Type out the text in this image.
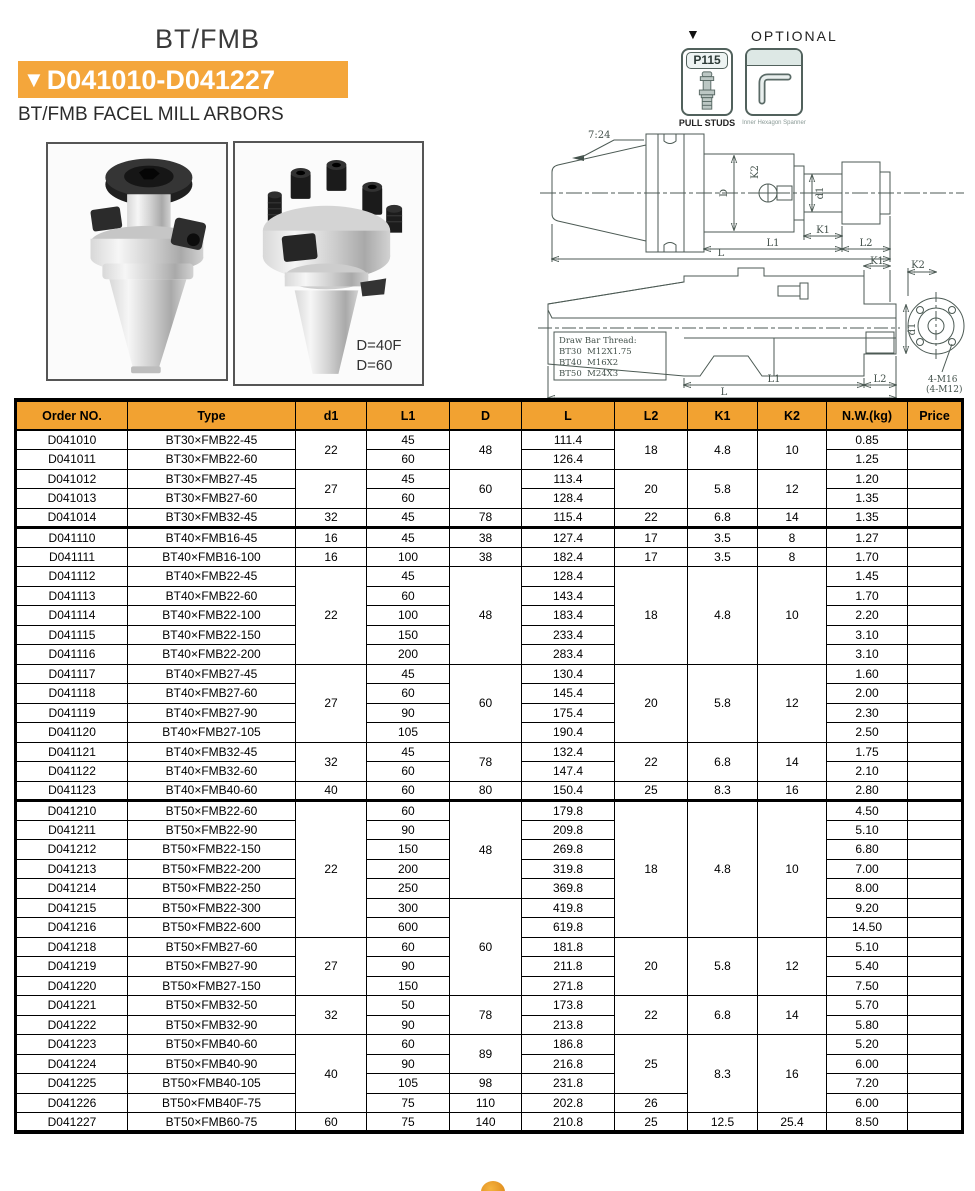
BT/FMB
▼D041010-D041227
BT/FMB FACEL MILL ARBORS
D=40F
D=60
▼	OPTIONAL
P115
PULL STUDS	Inner Hexagon Spanner
7:24
D
K2
d1
K1
L1	L2
L
K1
d1
Draw Bar Thread:
BT30  M12X1.75
BT40  M16X2
BT50  M24X3	L1	L2
L
K2
4-M16
(4-M12)
Order NO.	Type	d1	L1	D	L	L2	K1	K2	N.W.(kg)	Price
D041010	BT30×FMB22-45	22	45	48	111.4	18	4.8	10	0.85	
D041011	BT30×FMB22-60		60		126.4				1.25	
D041012	BT30×FMB27-45	27	45	60	113.4	20	5.8	12	1.20	
D041013	BT30×FMB27-60		60		128.4				1.35	
D041014	BT30×FMB32-45	32	45	78	115.4	22	6.8	14	1.35	
D041110	BT40×FMB16-45	16	45	38	127.4	17	3.5	8	1.27	
D041111	BT40×FMB16-100	16	100	38	182.4	17	3.5	8	1.70	
D041112	BT40×FMB22-45	22	45	48	128.4	18	4.8	10	1.45	
D041113	BT40×FMB22-60		60		143.4				1.70	
D041114	BT40×FMB22-100		100		183.4				2.20	
D041115	BT40×FMB22-150		150		233.4				3.10	
D041116	BT40×FMB22-200		200		283.4				3.10	
D041117	BT40×FMB27-45	27	45	60	130.4	20	5.8	12	1.60	
D041118	BT40×FMB27-60		60		145.4				2.00	
D041119	BT40×FMB27-90		90		175.4				2.30	
D041120	BT40×FMB27-105		105		190.4				2.50	
D041121	BT40×FMB32-45	32	45	78	132.4	22	6.8	14	1.75	
D041122	BT40×FMB32-60		60		147.4				2.10	
D041123	BT40×FMB40-60	40	60	80	150.4	25	8.3	16	2.80	
D041210	BT50×FMB22-60	22	60	48	179.8	18	4.8	10	4.50	
D041211	BT50×FMB22-90		90		209.8				5.10	
D041212	BT50×FMB22-150		150		269.8				6.80	
D041213	BT50×FMB22-200		200		319.8				7.00	
D041214	BT50×FMB22-250		250		369.8				8.00	
D041215	BT50×FMB22-300		300	60	419.8				9.20	
D041216	BT50×FMB22-600		600		619.8				14.50	
D041218	BT50×FMB27-60	27	60		181.8	20	5.8	12	5.10	
D041219	BT50×FMB27-90		90		211.8				5.40	
D041220	BT50×FMB27-150		150		271.8				7.50	
D041221	BT50×FMB32-50	32	50	78	173.8	22	6.8	14	5.70	
D041222	BT50×FMB32-90		90		213.8				5.80	
D041223	BT50×FMB40-60	40	60	89	186.8	25	8.3	16	5.20	
D041224	BT50×FMB40-90		90		216.8				6.00	
D041225	BT50×FMB40-105		105	98	231.8				7.20	
D041226	BT50×FMB40F-75		75	110	202.8	26			6.00	
D041227	BT50×FMB60-75	60	75	140	210.8	25	12.5	25.4	8.50	
